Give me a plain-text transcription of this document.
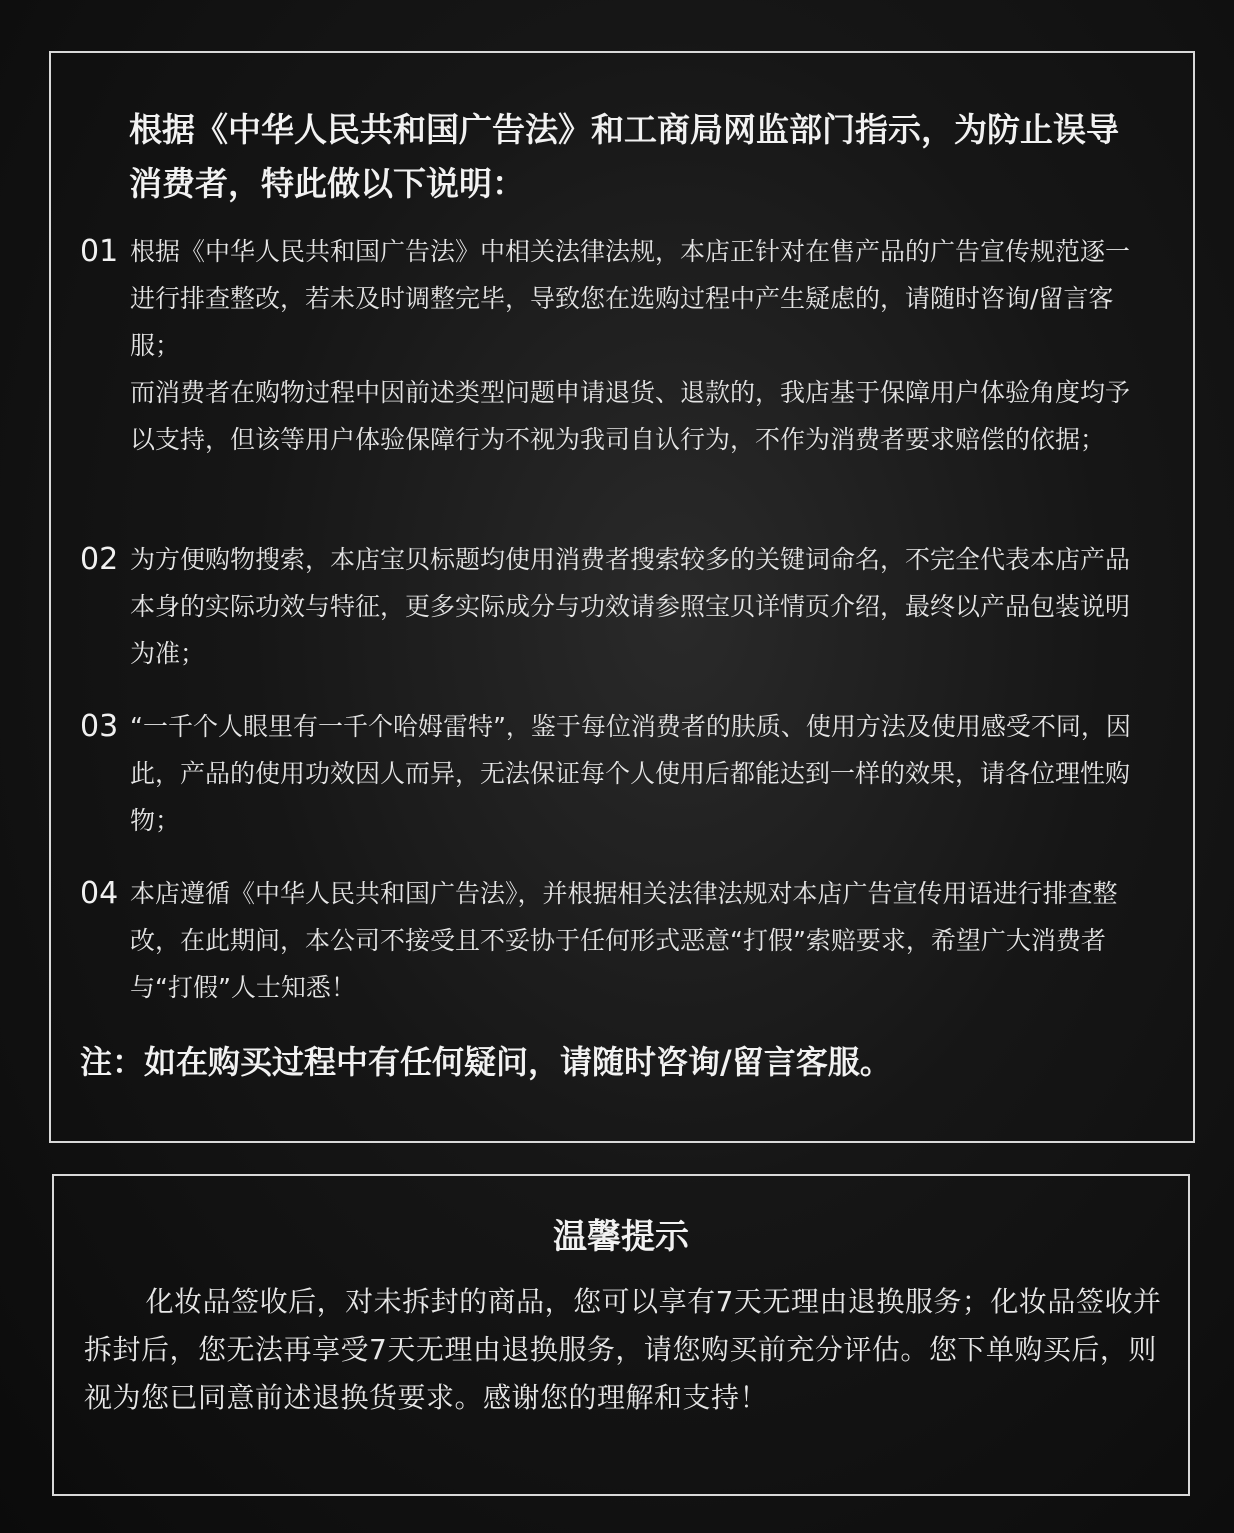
根据《中华人民共和国广告法》和工商局网监部门指示，为防止误导消费者，特此做以下说明：

01 根据《中华人民共和国广告法》中相关法律法规，本店正针对在售产品的广告宣传规范逐一进行排查整改，若未及时调整完毕，导致您在选购过程中产生疑虑的，请随时咨询/留言客服；

而消费者在购物过程中因前述类型问题申请退货、退款的，我店基于保障用户体验角度均予以支持，但该等用户体验保障行为不视为我司自认行为，不作为消费者要求赔偿的依据；

02 为方便购物搜索，本店宝贝标题均使用消费者搜索较多的关键词命名，不完全代表本店产品本身的实际功效与特征，更多实际成分与功效请参照宝贝详情页介绍，最终以产品包装说明为准；

03 “一千个人眼里有一千个哈姆雷特”，鉴于每位消费者的肤质、使用方法及使用感受不同，因此，产品的使用功效因人而异，无法保证每个人使用后都能达到一样的效果，请各位理性购物；

04 本店遵循《中华人民共和国广告法》，并根据相关法律法规对本店广告宣传用语进行排查整改，在此期间，本公司不接受且不妥协于任何形式恶意“打假”索赔要求，希望广大消费者与“打假”人士知悉！

注：如在购买过程中有任何疑问，请随时咨询/留言客服。

温馨提示

化妆品签收后，对未拆封的商品，您可以享有7天无理由退换服务；化妆品签收并拆封后，您无法再享受7天无理由退换服务，请您购买前充分评估。您下单购买后，则视为您已同意前述退换货要求。感谢您的理解和支持！
